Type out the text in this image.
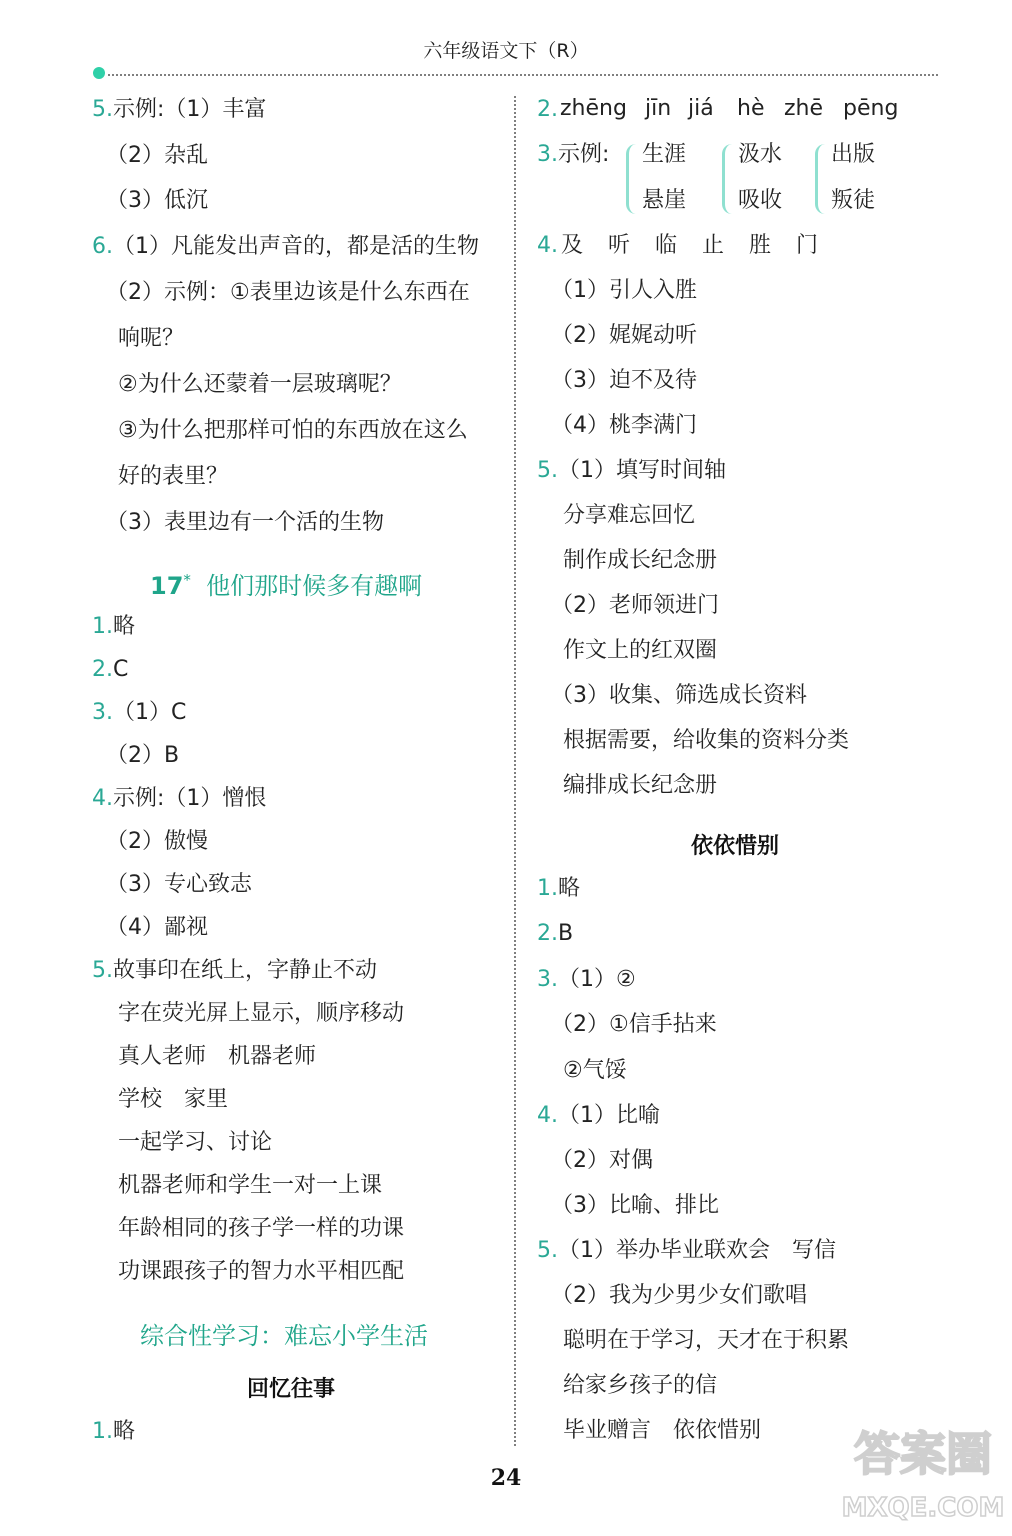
六年级语文下（R）
5.示例:（1）丰富
（2）杂乱
（3）低沉
6.（1）凡能发出声音的，都是活的生物
（2）示例：①表里边该是什么东西在
响呢？
②为什么还蒙着一层玻璃呢？
③为什么把那样可怕的东西放在这么
好的表里？
（3）表里边有一个活的生物
17* 他们那时候多有趣啊
1.略
2.C
3.（1）C
（2）B
4.示例:（1）憎恨
（2）傲慢
（3）专心致志
（4）鄙视
5.故事印在纸上，字静止不动
字在荧光屏上显示，顺序移动
真人老师　机器老师
学校　家里
一起学习、讨论
机器老师和学生一对一上课
年龄相同的孩子学一样的功课
功课跟孩子的智力水平相匹配
综合性学习：难忘小学生活
回忆往事
1.略
2. zhēng jīn jiá hè zhē pēng
3.示例: 生涯
悬崖
汲水
吸收
出版
叛徒
4. 及 听 临 止 胜 门
（1）引人入胜
（2）娓娓动听
（3）迫不及待
（4）桃李满门
5.（1）填写时间轴
分享难忘回忆
制作成长纪念册
（2）老师领进门
作文上的红双圈
（3）收集、筛选成长资料
根据需要，给收集的资料分类
编排成长纪念册
依依惜别
1.略
2.B
3.（1）②
（2）①信手拈来
②气馁
4.（1）比喻
（2）对偶
（3）比喻、排比
5.（1）举办毕业联欢会　写信
（2）我为少男少女们歌唱
聪明在于学习，天才在于积累
给家乡孩子的信
毕业赠言　依依惜别
24	答案圈
MXQE.COM
